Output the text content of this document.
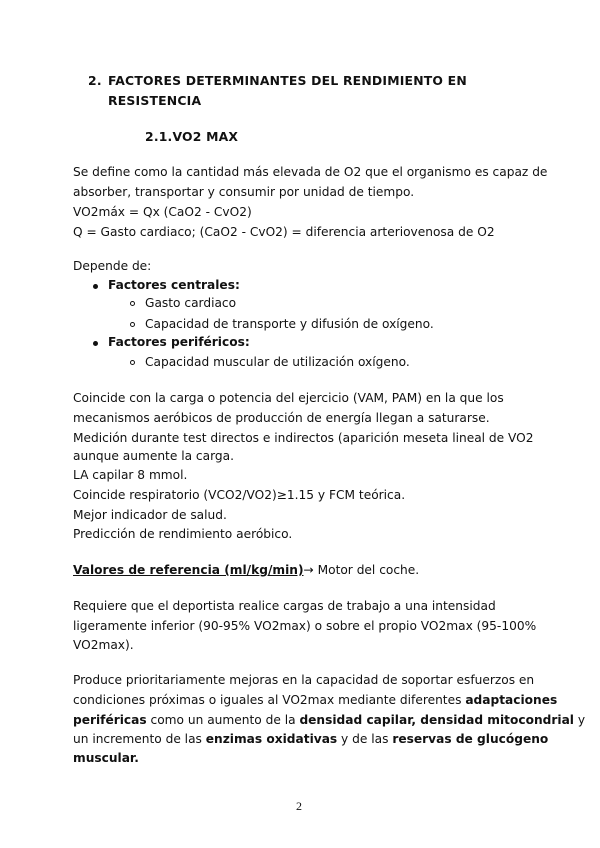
2. FACTORES DETERMINANTES DEL RENDIMIENTO EN
RESISTENCIA
2.1.VO2 MAX
Se define como la cantidad más elevada de O2 que el organismo es capaz de
absorber, transportar y consumir por unidad de tiempo.
VO2máx = Qx (CaO2 - CvO2)
Q = Gasto cardiaco; (CaO2 - CvO2) = diferencia arteriovenosa de O2
Depende de:
Factores centrales:
Gasto cardiaco
Capacidad de transporte y difusión de oxígeno.
Factores periféricos:
Capacidad muscular de utilización oxígeno.
Coincide con la carga o potencia del ejercicio (VAM, PAM) en la que los
mecanismos aeróbicos de producción de energía llegan a saturarse.
Medición durante test directos e indirectos (aparición meseta lineal de VO2
aunque aumente la carga.
LA capilar 8 mmol.
Coincide respiratorio (VCO2/VO2)≥1.15 y FCM teórica.
Mejor indicador de salud.
Predicción de rendimiento aeróbico.
Valores de referencia (ml/kg/min)→ Motor del coche.
Requiere que el deportista realice cargas de trabajo a una intensidad
ligeramente inferior (90-95% VO2max) o sobre el propio VO2max (95-100%
VO2max).
Produce prioritariamente mejoras en la capacidad de soportar esfuerzos en
condiciones próximas o iguales al VO2max mediante diferentes adaptaciones
periféricas como un aumento de la densidad capilar, densidad mitocondrial y
un incremento de las enzimas oxidativas y de las reservas de glucógeno
muscular.
2
